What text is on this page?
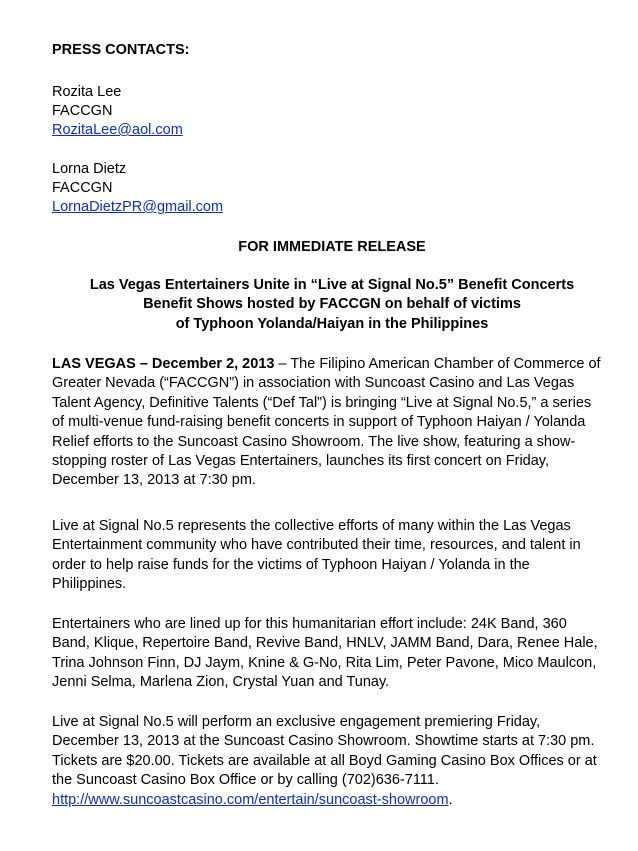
PRESS CONTACTS:
Rozita Lee
FACCGN
RozitaLee@aol.com
Lorna Dietz
FACCGN
LornaDietzPR@gmail.com
FOR IMMEDIATE RELEASE
Las Vegas Entertainers Unite in “Live at Signal No.5” Benefit Concerts
Benefit Shows hosted by FACCGN on behalf of victims
of Typhoon Yolanda/Haiyan in the Philippines
LAS VEGAS – December 2, 2013 – The Filipino American Chamber of Commerce of Greater Nevada (“FACCGN”) in association with Suncoast Casino and Las Vegas Talent Agency, Definitive Talents (“Def Tal”) is bringing “Live at Signal No.5,” a series of multi-venue fund-raising benefit concerts in support of Typhoon Haiyan / Yolanda Relief efforts to the Suncoast Casino Showroom. The live show, featuring a show-stopping roster of Las Vegas Entertainers, launches its first concert on Friday, December 13, 2013 at 7:30 pm.
Live at Signal No.5 represents the collective efforts of many within the Las Vegas Entertainment community who have contributed their time, resources, and talent in order to help raise funds for the victims of Typhoon Haiyan / Yolanda in the Philippines.
Entertainers who are lined up for this humanitarian effort include: 24K Band, 360 Band, Klique, Repertoire Band, Revive Band, HNLV, JAMM Band, Dara, Renee Hale, Trina Johnson Finn, DJ Jaym, Knine & G-No, Rita Lim, Peter Pavone, Mico Maulcon, Jenni Selma, Marlena Zion, Crystal Yuan and Tunay.
Live at Signal No.5 will perform an exclusive engagement premiering Friday, December 13, 2013 at the Suncoast Casino Showroom. Showtime starts at 7:30 pm. Tickets are $20.00. Tickets are available at all Boyd Gaming Casino Box Offices or at the Suncoast Casino Box Office or by calling (702)636-7111.
http://www.suncoastcasino.com/entertain/suncoast-showroom.
